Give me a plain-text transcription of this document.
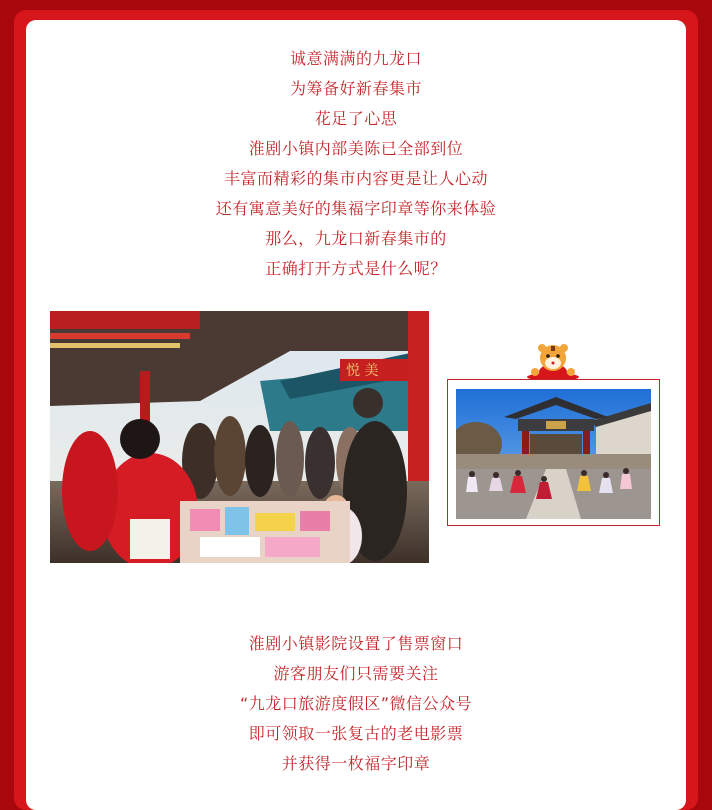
诚意满满的九龙口
为筹备好新春集市
花足了心思
淮剧小镇内部美陈已全部到位
丰富而精彩的集市内容更是让人心动
还有寓意美好的集福字印章等你来体验
那么，九龙口新春集市的
正确打开方式是什么呢？
悦 美
淮剧小镇影院设置了售票窗口
游客朋友们只需要关注
“九龙口旅游度假区”微信公众号
即可领取一张复古的老电影票
并获得一枚福字印章
